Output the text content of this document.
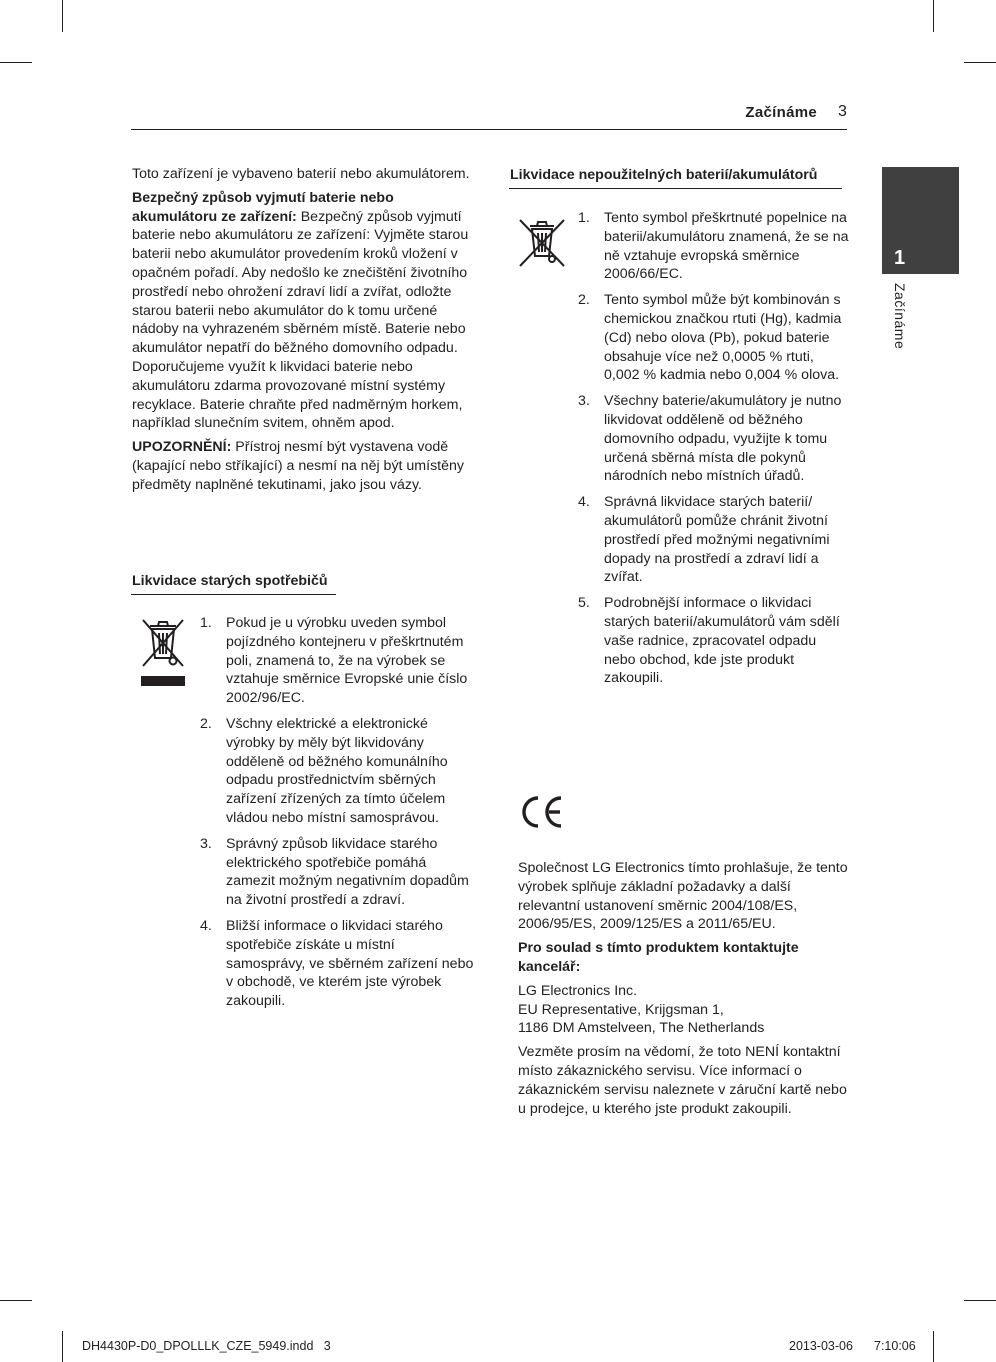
Začínáme 3
1
Začínáme

Toto zařízení je vybaveno baterií nebo akumulátorem.

Bezpečný způsob vyjmutí baterie nebo akumulátoru ze zařízení: Bezpečný způsob vyjmutí baterie nebo akumulátoru ze zařízení: Vyjměte starou baterii nebo akumulátor provedením kroků vložení v opačném pořadí. Aby nedošlo ke znečištění životního prostředí nebo ohrožení zdraví lidí a zvířat, odložte starou baterii nebo akumulátor do k tomu určené nádoby na vyhrazeném sběrném místě. Baterie nebo akumulátor nepatří do běžného domovního odpadu. Doporučujeme využít k likvidaci baterie nebo akumulátoru zdarma provozované místní systémy recyklace. Baterie chraňte před nadměrným horkem, například slunečním svitem, ohněm apod.

UPOZORNĚNÍ: Přístroj nesmí být vystavena vodě (kapající nebo stříkající) a nesmí na něj být umístěny předměty naplněné tekutinami, jako jsou vázy.

Likvidace starých spotřebičů
1. Pokud je u výrobku uveden symbol pojízdného kontejneru v přeškrtnutém poli, znamená to, že na výrobek se vztahuje směrnice Evropské unie číslo 2002/96/EC.
2. Všchny elektrické a elektronické výrobky by měly být likvidovány odděleně od běžného komunálního odpadu prostřednictvím sběrných zařízení zřízených za tímto účelem vládou nebo místní samosprávou.
3. Správný způsob likvidace starého elektrického spotřebiče pomáhá zamezit možným negativním dopadům na životní prostředí a zdraví.
4. Bližší informace o likvidaci starého spotřebiče získáte u místní samosprávy, ve sběrném zařízení nebo v obchodě, ve kterém jste výrobek zakoupili.
Likvidace nepoužitelných baterií/akumulátorů
1. Tento symbol přeškrtnuté popelnice na baterii/akumulátoru znamená, že se na ně vztahuje evropská směrnice 2006/66/EC.
2. Tento symbol může být kombinován s chemickou značkou rtuti (Hg), kadmia (Cd) nebo olova (Pb), pokud baterie obsahuje více než 0,0005 % rtuti, 0,002 % kadmia nebo 0,004 % olova.
3. Všechny baterie/akumulátory je nutno likvidovat odděleně od běžného domovního odpadu, využijte k tomu určená sběrná místa dle pokynů národních nebo místních úřadů.
4. Správná likvidace starých baterií/ akumulátorů pomůže chránit životní prostředí před možnými negativními dopady na prostředí a zdraví lidí a zvířat.
5. Podrobnější informace o likvidaci starých baterií/akumulátorů vám sdělí vaše radnice, zpracovatel odpadu nebo obchod, kde jste produkt zakoupili.

Společnost LG Electronics tímto prohlašuje, že tento výrobek splňuje základní požadavky a další relevantní ustanovení směrnic 2004/108/ES, 2006/95/ES, 2009/125/ES a 2011/65/EU.

Pro soulad s tímto produktem kontaktujte kancelář:

LG Electronics Inc.
EU Representative, Krijgsman 1,
1186 DM Amstelveen, The Netherlands

Vezměte prosím na vědomí, že toto NENÍ kontaktní místo zákaznického servisu. Více informací o zákaznickém servisu naleznete v záruční kartě nebo u prodejce, u kterého jste produkt zakoupili.

DH4430P-D0_DPOLLLK_CZE_5949.indd   3	2013-03-06 7:10:06
